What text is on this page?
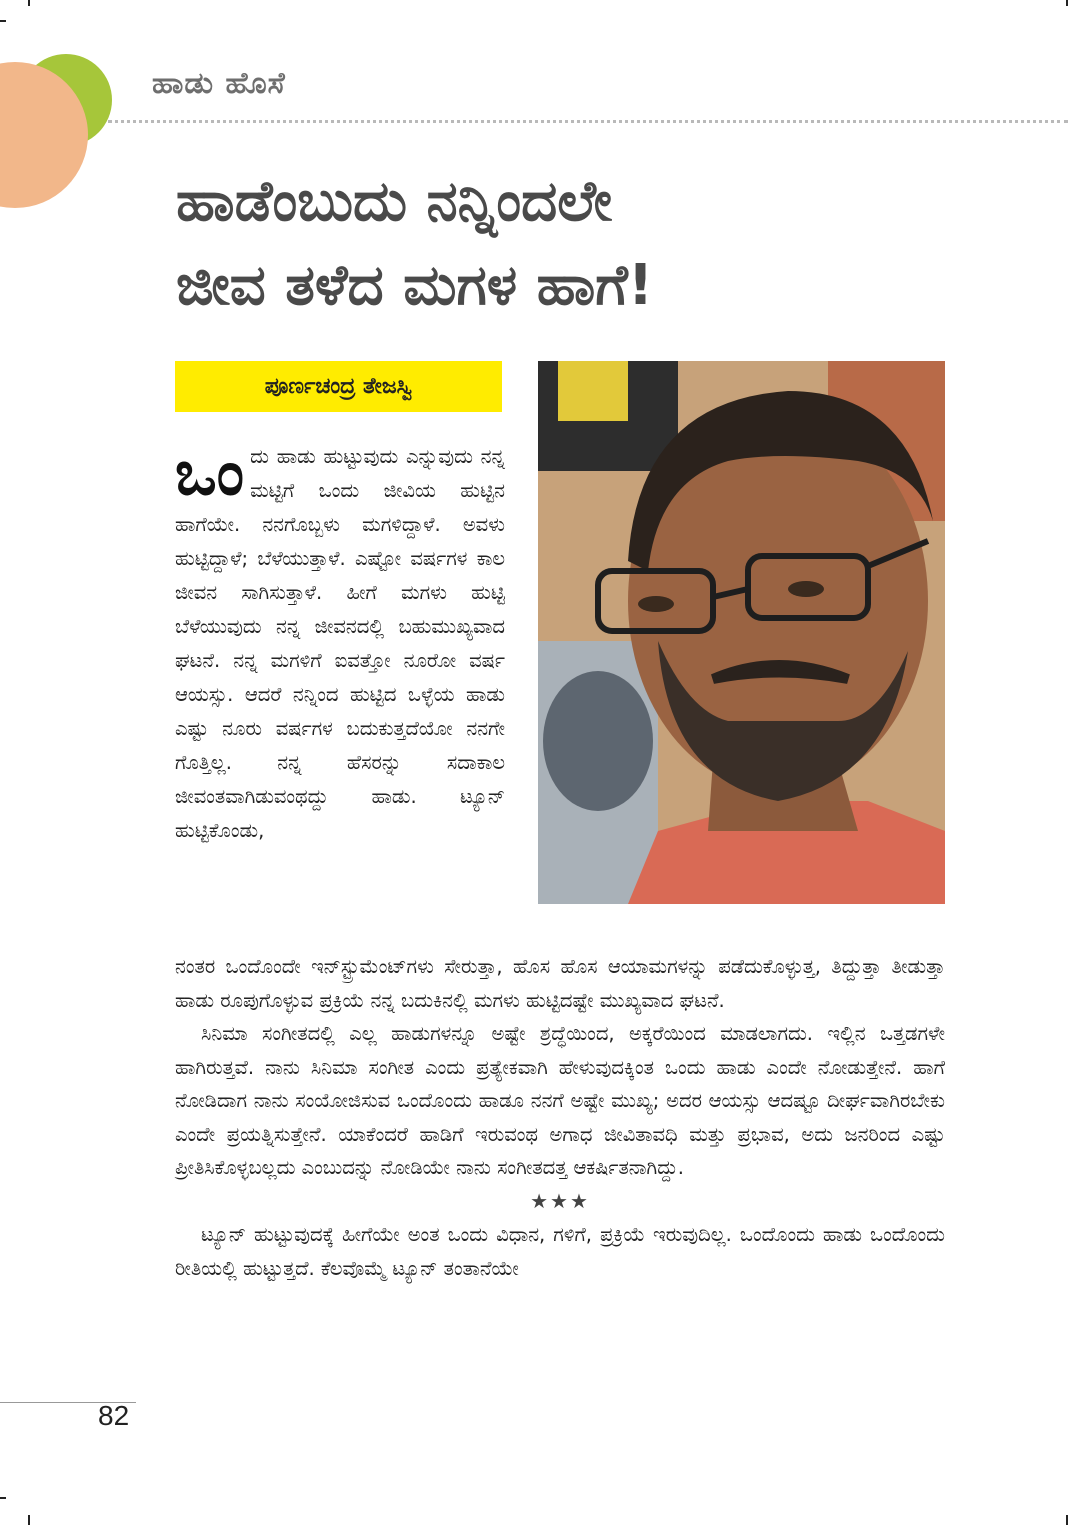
ಹಾಡು ಹೊಸೆ
ಹಾಡೆಂಬುದು ನನ್ನಿಂದಲೇ
ಜೀವ ತಳೆದ ಮಗಳ ಹಾಗೆ!
ಪೂರ್ಣಚಂದ್ರ ತೇಜಸ್ವಿ

ಒಂ ದು ಹಾಡು ಹುಟ್ಟುವುದು ಎನ್ನುವುದು ನನ್ನ ಮಟ್ಟಿಗೆ ಒಂದು ಜೀವಿಯ ಹುಟ್ಟಿನ ಹಾಗೆಯೇ. ನನಗೊಬ್ಬಳು ಮಗಳಿದ್ದಾಳೆ. ಅವಳು ಹುಟ್ಟಿದ್ದಾಳೆ; ಬೆಳೆಯುತ್ತಾಳೆ. ಎಷ್ಟೋ ವರ್ಷಗಳ ಕಾಲ ಜೀವನ ಸಾಗಿಸುತ್ತಾಳೆ. ಹೀಗೆ ಮಗಳು ಹುಟ್ಟಿ ಬೆಳೆಯುವುದು ನನ್ನ ಜೀವನದಲ್ಲಿ ಬಹುಮುಖ್ಯವಾದ ಘಟನೆ. ನನ್ನ ಮಗಳಿಗೆ ಐವತ್ತೋ ನೂರೋ ವರ್ಷ ಆಯಸ್ಸು. ಆದರೆ ನನ್ನಿಂದ ಹುಟ್ಟಿದ ಒಳ್ಳೆಯ ಹಾಡು ಎಷ್ಟು ನೂರು ವರ್ಷಗಳ ಬದುಕುತ್ತದೆಯೋ ನನಗೇ ಗೊತ್ತಿಲ್ಲ. ನನ್ನ ಹೆಸರನ್ನು ಸದಾಕಾಲ ಜೀವಂತವಾಗಿಡುವಂಥದ್ದು ಹಾಡು. ಟ್ಯೂನ್ ಹುಟ್ಟಿಕೊಂಡು,

ನಂತರ ಒಂದೊಂದೇ ಇನ್‌ಸ್ಟ್ರುಮೆಂಟ್‌ಗಳು ಸೇರುತ್ತಾ, ಹೊಸ ಹೊಸ ಆಯಾಮಗಳನ್ನು ಪಡೆದುಕೊಳ್ಳುತ್ತ, ತಿದ್ದುತ್ತಾ ತೀಡುತ್ತಾ ಹಾಡು ರೂಪುಗೊಳ್ಳುವ ಪ್ರಕ್ರಿಯೆ ನನ್ನ ಬದುಕಿನಲ್ಲಿ ಮಗಳು ಹುಟ್ಟಿದಷ್ಟೇ ಮುಖ್ಯವಾದ ಘಟನೆ.

ಸಿನಿಮಾ ಸಂಗೀತದಲ್ಲಿ ಎಲ್ಲ ಹಾಡುಗಳನ್ನೂ ಅಷ್ಟೇ ಶ್ರದ್ಧೆಯಿಂದ, ಅಕ್ಕರೆಯಿಂದ ಮಾಡಲಾಗದು. ಇಲ್ಲಿನ ಒತ್ತಡಗಳೇ ಹಾಗಿರುತ್ತವೆ. ನಾನು ಸಿನಿಮಾ ಸಂಗೀತ ಎಂದು ಪ್ರತ್ಯೇಕವಾಗಿ ಹೇಳುವುದಕ್ಕಿಂತ ಒಂದು ಹಾಡು ಎಂದೇ ನೋಡುತ್ತೇನೆ. ಹಾಗೆ ನೋಡಿದಾಗ ನಾನು ಸಂಯೋಜಿಸುವ ಒಂದೊಂದು ಹಾಡೂ ನನಗೆ ಅಷ್ಟೇ ಮುಖ್ಯ; ಅದರ ಆಯಸ್ಸು ಆದಷ್ಟೂ ದೀರ್ಘವಾಗಿರಬೇಕು ಎಂದೇ ಪ್ರಯತ್ನಿಸುತ್ತೇನೆ. ಯಾಕೆಂದರೆ ಹಾಡಿಗೆ ಇರುವಂಥ ಅಗಾಧ ಜೀವಿತಾವಧಿ ಮತ್ತು ಪ್ರಭಾವ, ಅದು ಜನರಿಂದ ಎಷ್ಟು ಪ್ರೀತಿಸಿಕೊಳ್ಳಬಲ್ಲದು ಎಂಬುದನ್ನು ನೋಡಿಯೇ ನಾನು ಸಂಗೀತದತ್ತ ಆಕರ್ಷಿತನಾಗಿದ್ದು.

★★★

ಟ್ಯೂನ್ ಹುಟ್ಟುವುದಕ್ಕೆ ಹೀಗೆಯೇ ಅಂತ ಒಂದು ವಿಧಾನ, ಗಳಿಗೆ, ಪ್ರಕ್ರಿಯೆ ಇರುವುದಿಲ್ಲ. ಒಂದೊಂದು ಹಾಡು ಒಂದೊಂದು ರೀತಿಯಲ್ಲಿ ಹುಟ್ಟುತ್ತದೆ. ಕೆಲವೊಮ್ಮೆ ಟ್ಯೂನ್ ತಂತಾನೆಯೇ

82
